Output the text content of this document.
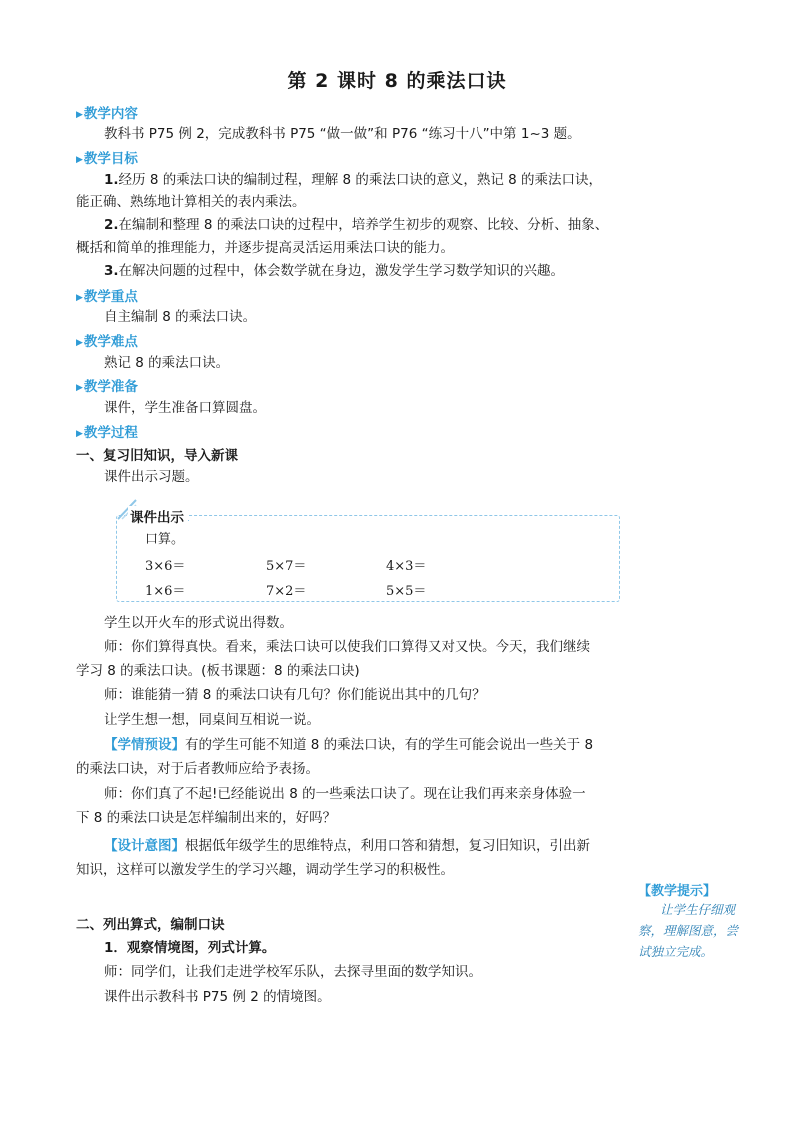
第 2 课时 8 的乘法口诀
▶教学内容
教科书 P75 例 2，完成教科书 P75 “做一做”和 P76 “练习十八”中第 1~3 题。
▶教学目标
1.经历 8 的乘法口诀的编制过程，理解 8 的乘法口诀的意义，熟记 8 的乘法口诀，
能正确、熟练地计算相关的表内乘法。
2.在编制和整理 8 的乘法口诀的过程中，培养学生初步的观察、比较、分析、抽象、
概括和简单的推理能力，并逐步提高灵活运用乘法口诀的能力。
3.在解决问题的过程中，体会数学就在身边，激发学生学习数学知识的兴趣。
▶教学重点
自主编制 8 的乘法口诀。
▶教学难点
熟记 8 的乘法口诀。
▶教学准备
课件，学生准备口算圆盘。
▶教学过程
一、复习旧知识，导入新课
课件出示习题。
课件出示
口算。
3×6＝	5×7＝	4×3＝
1×6＝	7×2＝	5×5＝
学生以开火车的形式说出得数。
师：你们算得真快。看来，乘法口诀可以使我们口算得又对又快。今天，我们继续
学习 8 的乘法口诀。(板书课题：8 的乘法口诀)
师：谁能猜一猜 8 的乘法口诀有几句？你们能说出其中的几句？
让学生想一想，同桌间互相说一说。
【学情预设】有的学生可能不知道 8 的乘法口诀，有的学生可能会说出一些关于 8
的乘法口诀，对于后者教师应给予表扬。
师：你们真了不起!已经能说出 8 的一些乘法口诀了。现在让我们再来亲身体验一
下 8 的乘法口诀是怎样编制出来的，好吗？
【设计意图】根据低年级学生的思维特点，利用口答和猜想，复习旧知识，引出新
知识，这样可以激发学生的学习兴趣，调动学生学习的积极性。
二、列出算式，编制口诀
1．观察情境图，列式计算。
师：同学们，让我们走进学校军乐队，去探寻里面的数学知识。
课件出示教科书 P75 例 2 的情境图。
【教学提示】
让学生仔细观
察，理解图意，尝
试独立完成。
